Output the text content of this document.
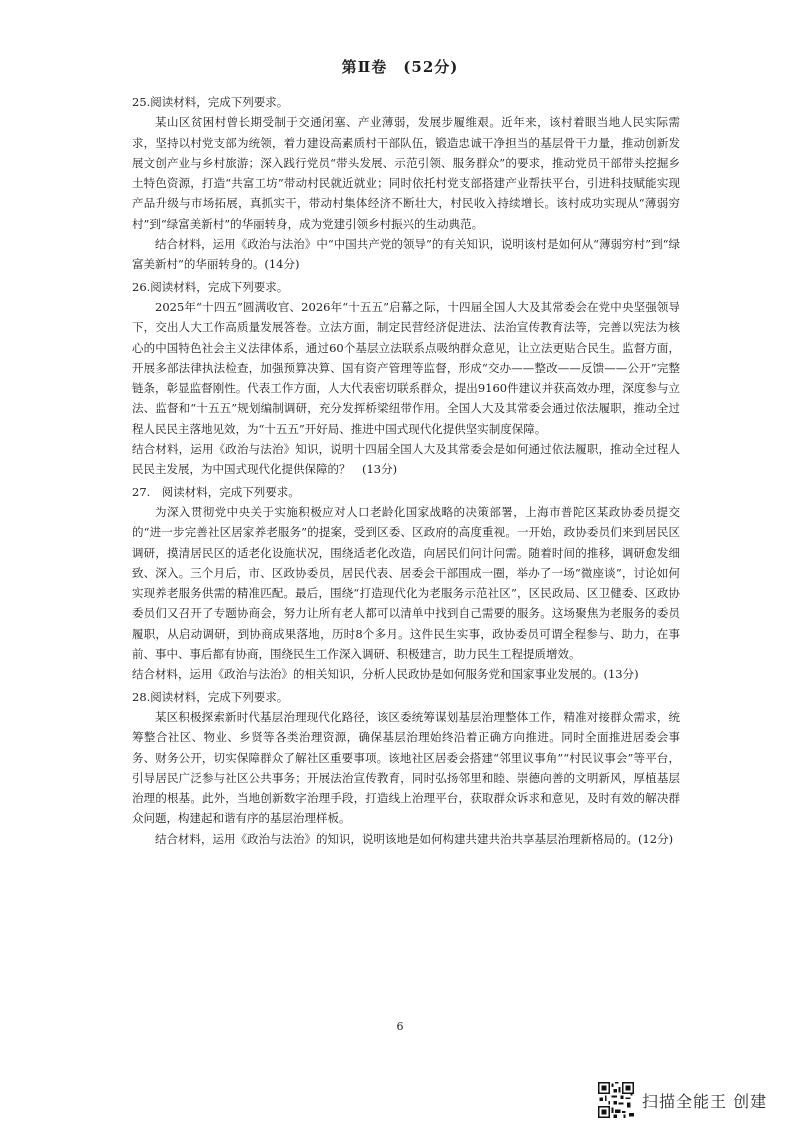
第Ⅱ卷　(52分)

25.阅读材料，完成下列要求。

某山区贫困村曾长期受制于交通闭塞、产业薄弱，发展步履维艰。近年来，该村着眼当地人民实际需求，坚持以村党支部为统领，着力建设高素质村干部队伍，锻造忠诚干净担当的基层骨干力量，推动创新发展文创产业与乡村旅游；深入践行党员“带头发展、示范引领、服务群众”的要求，推动党员干部带头挖掘乡土特色资源，打造“共富工坊”带动村民就近就业；同时依托村党支部搭建产业帮扶平台，引进科技赋能实现产品升级与市场拓展，真抓实干，带动村集体经济不断壮大，村民收入持续增长。该村成功实现从“薄弱穷村”到“绿富美新村”的华丽转身，成为党建引领乡村振兴的生动典范。

结合材料，运用《政治与法治》中“中国共产党的领导”的有关知识，说明该村是如何从“薄弱穷村”到“绿富美新村”的华丽转身的。(14分)

26.阅读材料，完成下列要求。

2025年“十四五”圆满收官、2026年“十五五”启幕之际，十四届全国人大及其常委会在党中央坚强领导下，交出人大工作高质量发展答卷。立法方面，制定民营经济促进法、法治宣传教育法等，完善以宪法为核心的中国特色社会主义法律体系，通过60个基层立法联系点吸纳群众意见，让立法更贴合民生。监督方面，开展多部法律执法检查，加强预算决算、国有资产管理等监督，形成“交办——整改——反馈——公开”完整链条，彰显监督刚性。代表工作方面，人大代表密切联系群众，提出9160件建议并获高效办理，深度参与立法、监督和“十五五”规划编制调研，充分发挥桥梁纽带作用。全国人大及其常委会通过依法履职，推动全过程人民民主落地见效，为“十五五”开好局、推进中国式现代化提供坚实制度保障。

结合材料，运用《政治与法治》知识，说明十四届全国人大及其常委会是如何通过依法履职，推动全过程人民民主发展，为中国式现代化提供保障的？　(13分)

27.　阅读材料，完成下列要求。

为深入贯彻党中央关于实施积极应对人口老龄化国家战略的决策部署，上海市普陀区某政协委员提交的“进一步完善社区居家养老服务”的提案，受到区委、区政府的高度重视。一开始，政协委员们来到居民区调研，摸清居民区的适老化设施状况，围绕适老化改造，向居民们问计问需。随着时间的推移，调研愈发细致、深入。三个月后，市、区政协委员，居民代表、居委会干部围成一圈，举办了一场“微座谈”，讨论如何实现养老服务供需的精准匹配。最后，围绕“打造现代化为老服务示范社区”，区民政局、区卫健委、区政协委员们又召开了专题协商会，努力让所有老人都可以清单中找到自己需要的服务。这场聚焦为老服务的委员履职，从启动调研，到协商成果落地，历时8个多月。这件民生实事，政协委员可谓全程参与、助力，在事前、事中、事后都有协商，围绕民生工作深入调研、积极建言，助力民生工程提质增效。

结合材料，运用《政治与法治》的相关知识，分析人民政协是如何服务党和国家事业发展的。(13分)

28.阅读材料，完成下列要求。

某区积极探索新时代基层治理现代化路径，该区委统筹谋划基层治理整体工作，精准对接群众需求，统筹整合社区、物业、乡贤等各类治理资源，确保基层治理始终沿着正确方向推进。同时全面推进居委会事务、财务公开，切实保障群众了解社区重要事项。该地社区居委会搭建“邻里议事角”“村民议事会”等平台，引导居民广泛参与社区公共事务；开展法治宣传教育，同时弘扬邻里和睦、崇德向善的文明新风，厚植基层治理的根基。此外，当地创新数字治理手段，打造线上治理平台，获取群众诉求和意见，及时有效的解决群众问题，构建起和谐有序的基层治理样板。

结合材料，运用《政治与法治》的知识，说明该地是如何构建共建共治共享基层治理新格局的。(12分)

6
扫描全能王 创建
